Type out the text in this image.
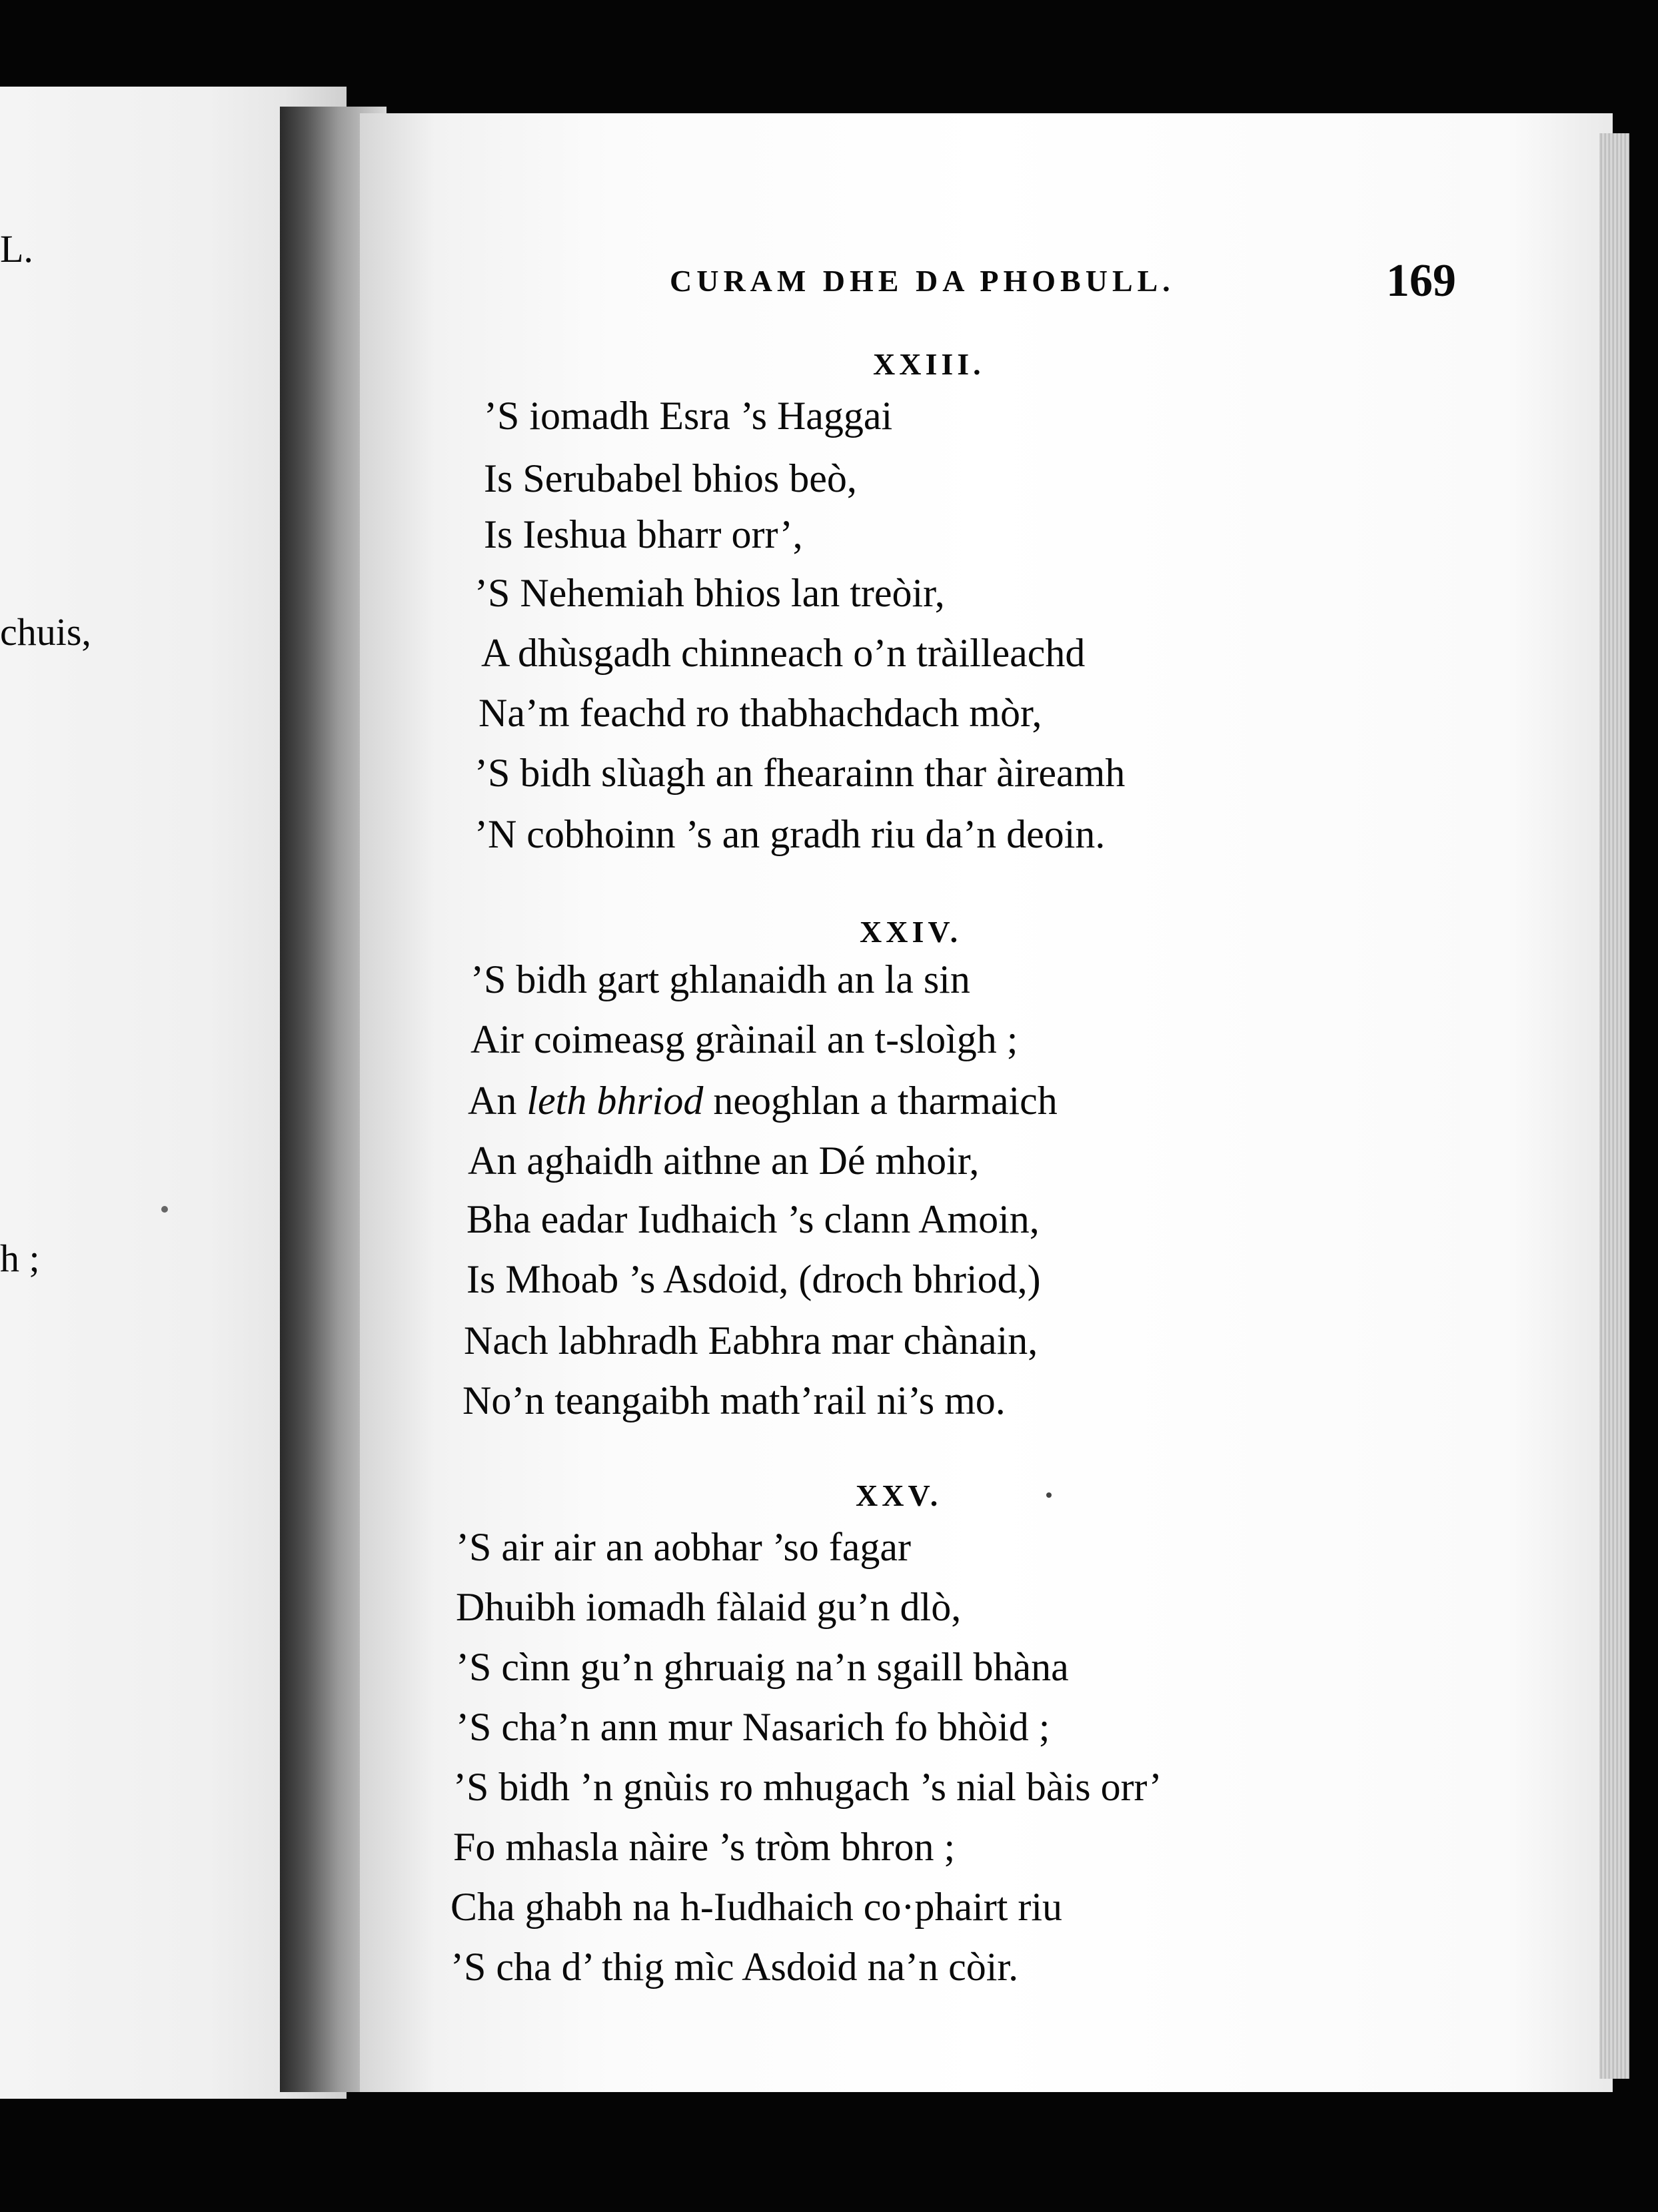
L.
chuis,
h ;
CURAM DHE DA PHOBULL.	169
XXIII.
’S iomadh Esra ’s Haggai
Is Serubabel bhios beò,
Is Ieshua bharr orr’,
’S Nehemiah bhios lan treòir,
A dhùsgadh chinneach o’n tràilleachd
Na’m feachd ro thabhachdach mòr,
’S bidh slùagh an fhearainn thar àireamh
’N cobhoinn ’s an gradh riu da’n deoin.
XXIV.
’S bidh gart ghlanaidh an la sin
Air coimeasg gràinail an t-sloìgh ;
An leth bhriod neoghlan a tharmaich
An aghaidh aithne an Dé mhoir,
Bha eadar Iudhaich ’s clann Amoin,
Is Mhoab ’s Asdoid, (droch bhriod,)
Nach labhradh Eabhra mar chànain,
No’n teangaibh math’rail ni’s mo.
XXV.
’S air air an aobhar ’so fagar
Dhuibh iomadh fàlaid gu’n dlò,
’S cìnn gu’n ghruaig na’n sgaill bhàna
’S cha’n ann mur Nasarich fo bhòid ;
’S bidh ’n gnùis ro mhugach ’s nial bàis orr’
Fo mhasla nàire ’s tròm bhron ;
Cha ghabh na h-Iudhaich co·phairt riu
’S cha d’ thig mìc Asdoid na’n còir.
